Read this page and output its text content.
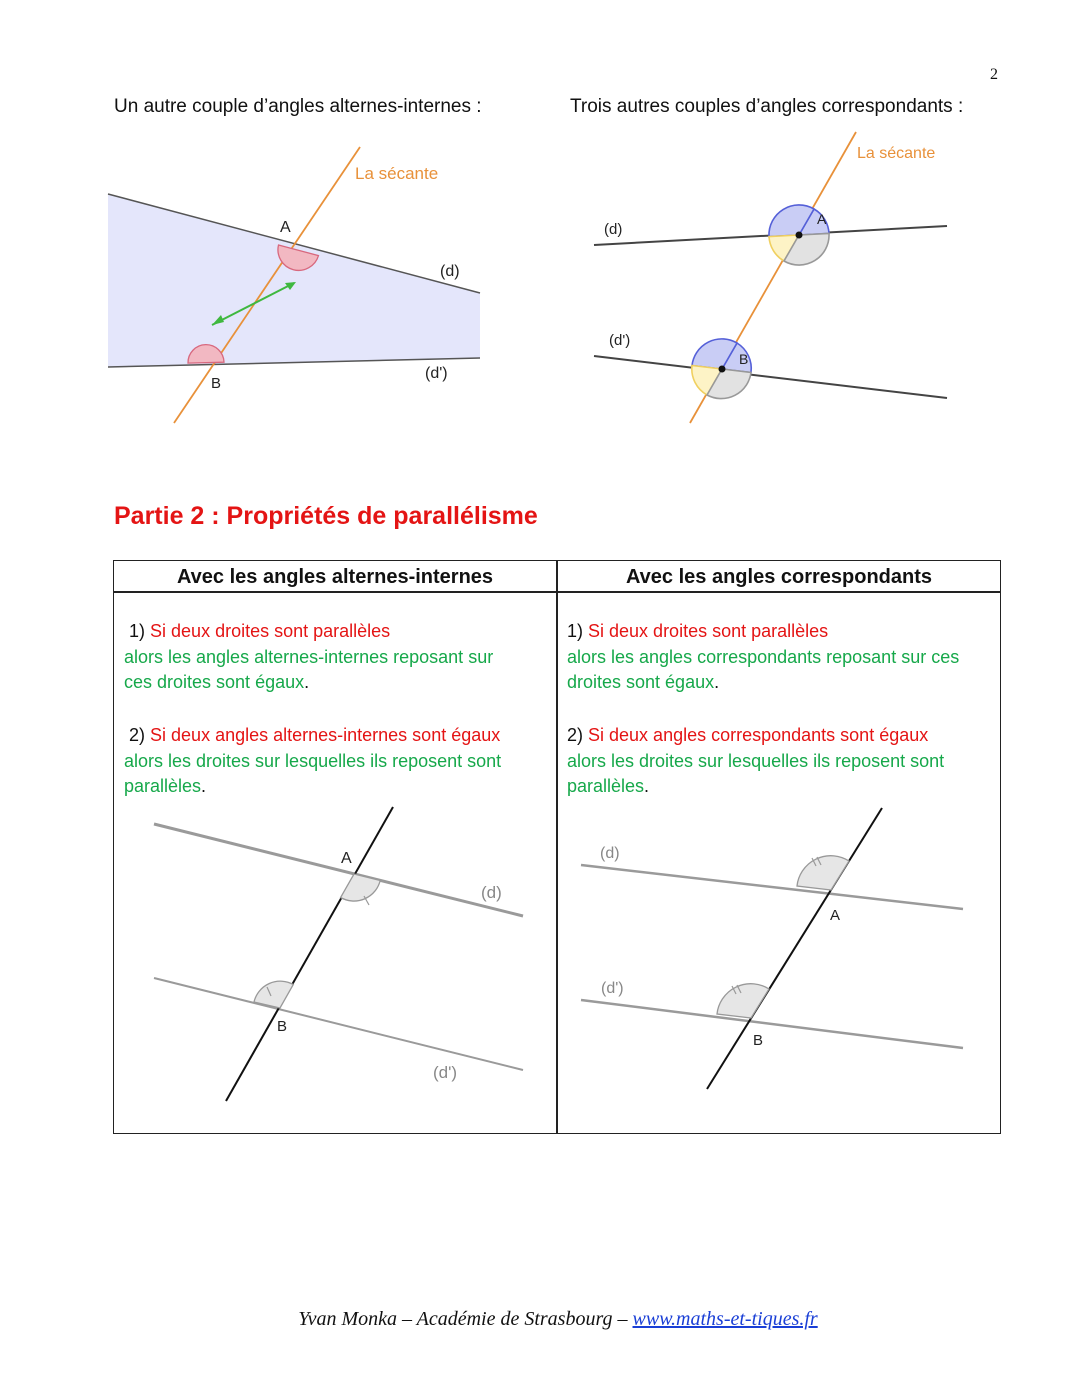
2
Un autre couple d’angles alternes-internes :
La sécante
A
B
(d)
(d')
La sécante
A
B
(d)
(d')
Trois autres couples d’angles correspondants :
Partie 2 : Propriétés de parallélisme
Avec les angles alternes-internes	Avec les angles correspondants
1) Si deux droites sont parallèles
alors les angles alternes-internes reposant sur
ces droites sont égaux.
2) Si deux angles alternes-internes sont égaux
alors les droites sur lesquelles ils reposent sont
parallèles.
1) Si deux droites sont parallèles
alors les angles correspondants reposant sur ces
droites sont égaux.
2) Si deux angles correspondants sont égaux
alors les droites sur lesquelles ils reposent sont
parallèles.
A
B
(d)
(d')
A
B
(d)
(d')
Yvan Monka – Académie de Strasbourg – www.maths-et-tiques.fr
